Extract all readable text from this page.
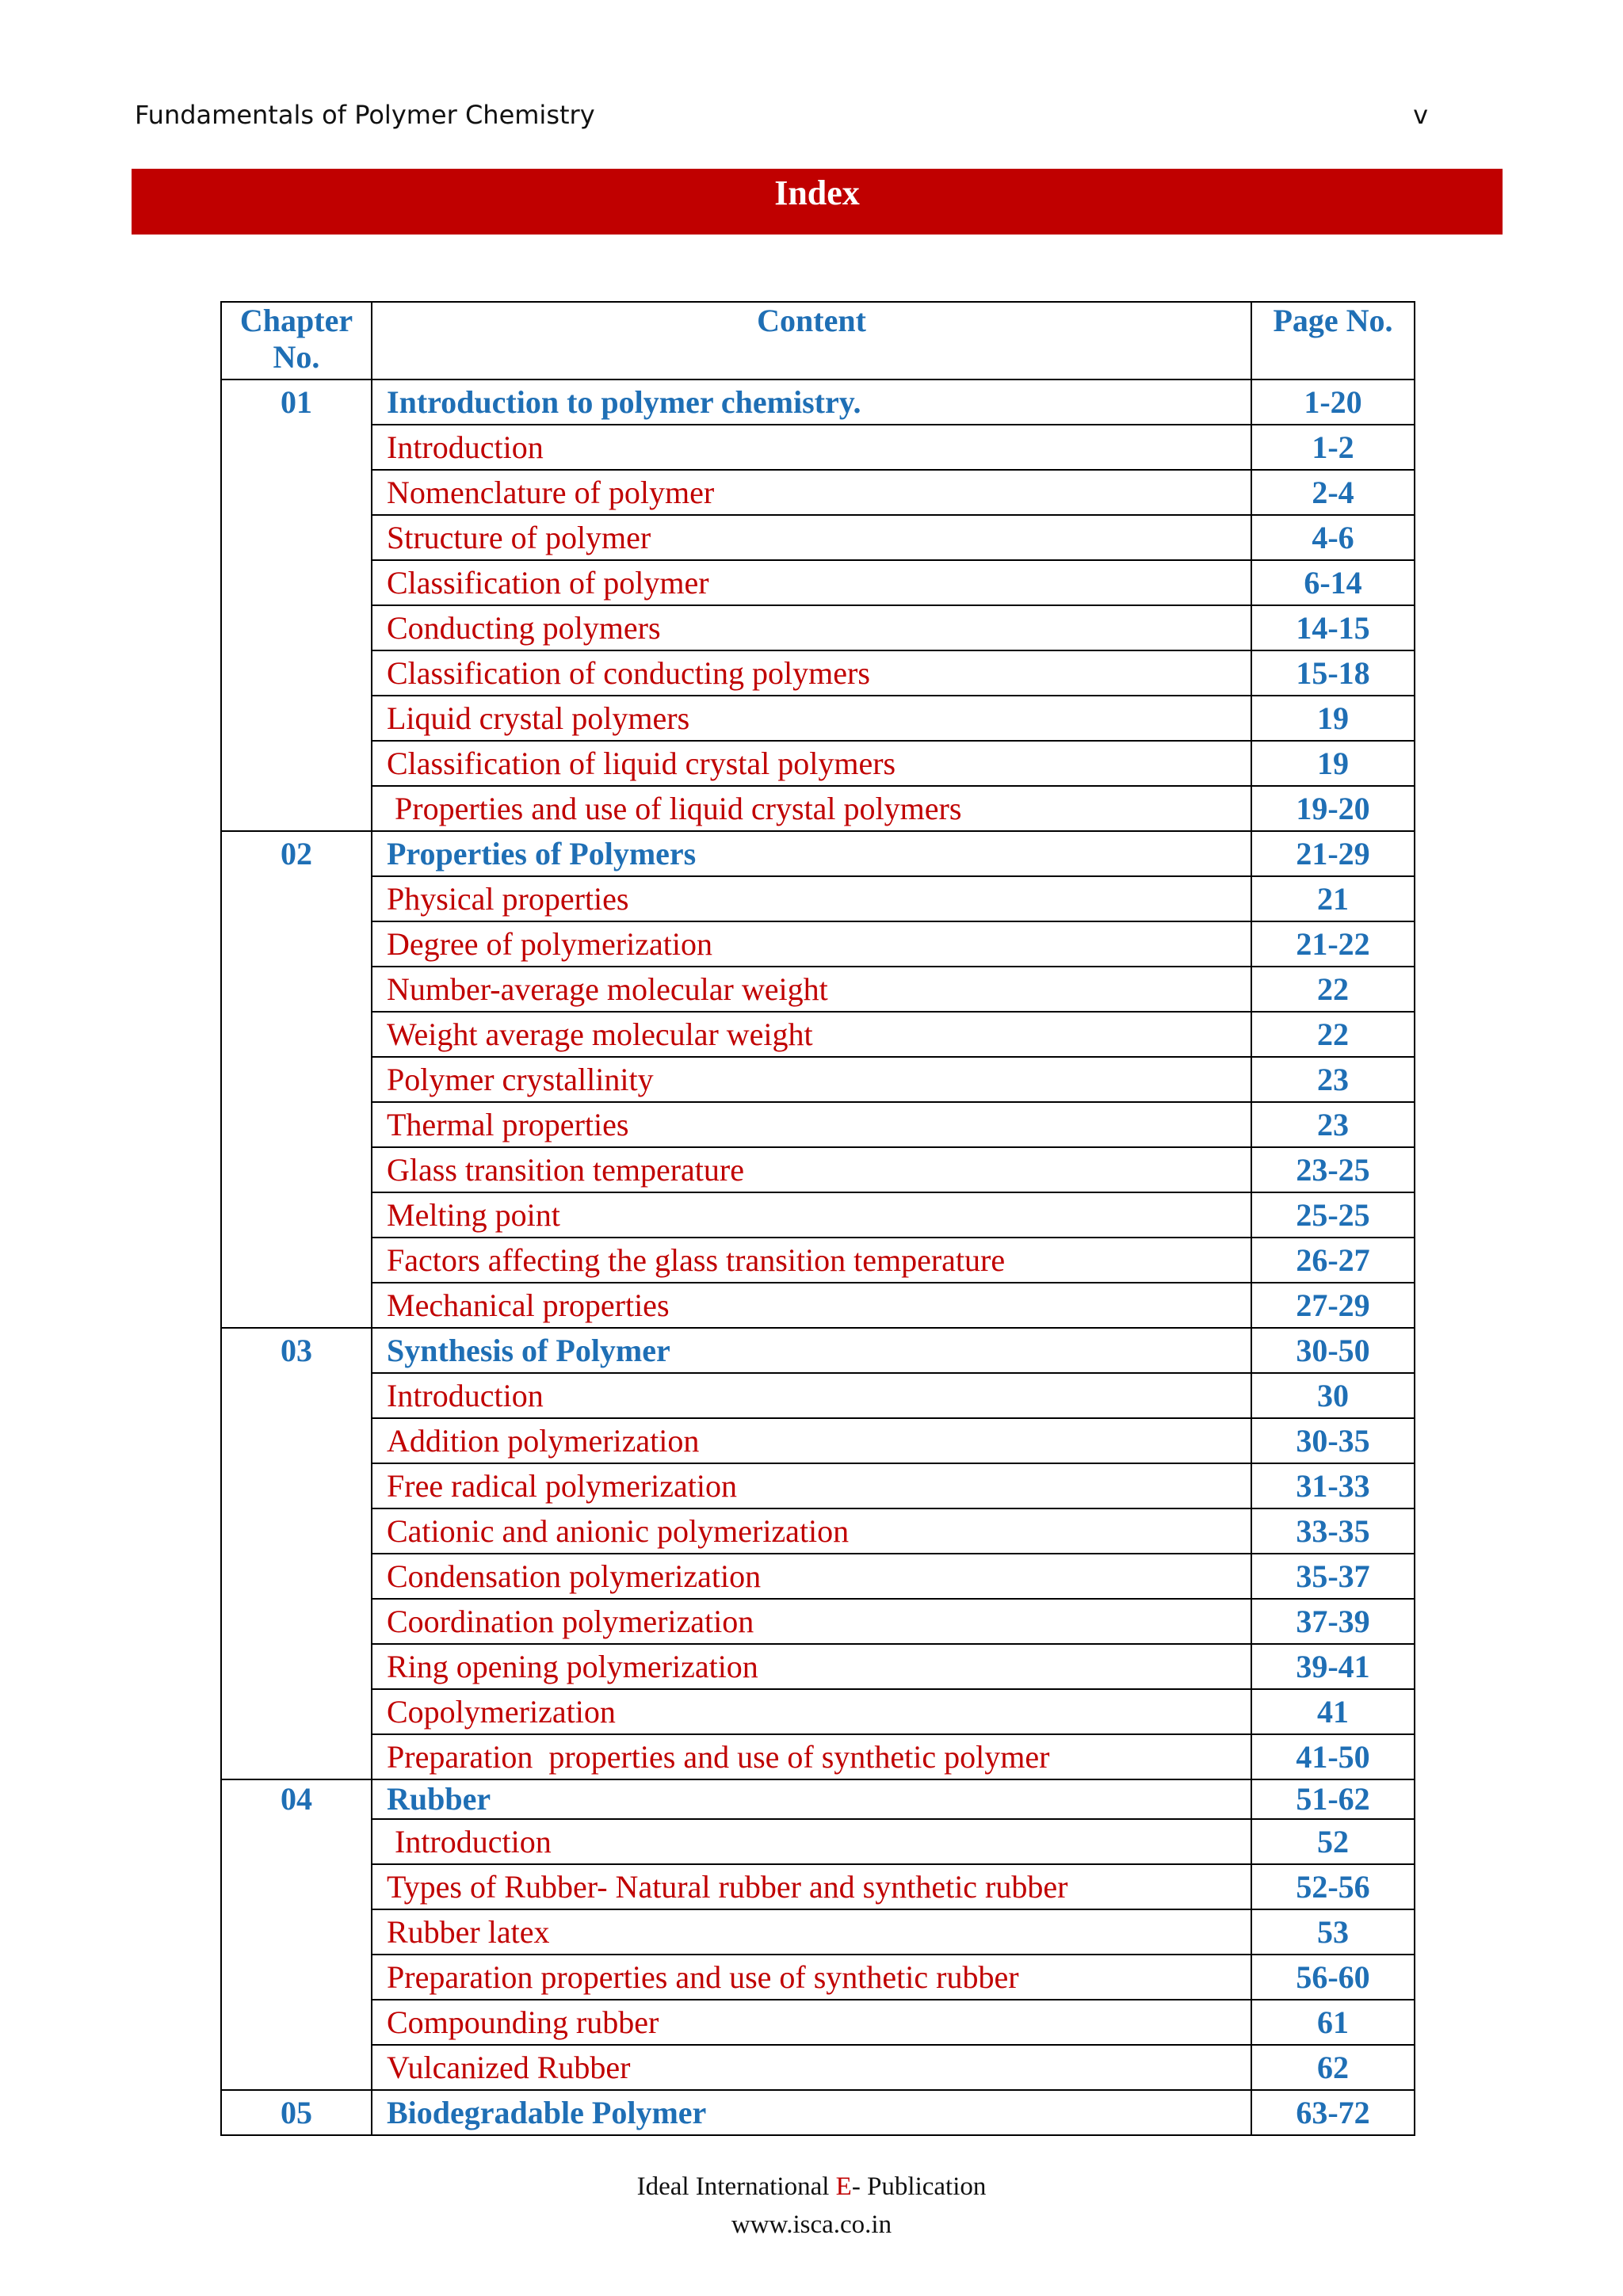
Fundamentals of Polymer Chemistry	v
Index
Chapter No.	Content	Page No.
01	Introduction to polymer chemistry.	1-20
	Introduction	1-2
	Nomenclature of polymer	2-4
	Structure of polymer	4-6
	Classification of polymer	6-14
	Conducting polymers	14-15
	Classification of conducting polymers	15-18
	Liquid crystal polymers	19
	Classification of liquid crystal polymers	19
	Properties and use of liquid crystal polymers	19-20
02	Properties of Polymers	21-29
	Physical properties	21
	Degree of polymerization	21-22
	Number-average molecular weight	22
	Weight average molecular weight	22
	Polymer crystallinity	23
	Thermal properties	23
	Glass transition temperature	23-25
	Melting point	25-25
	Factors affecting the glass transition temperature	26-27
	Mechanical properties	27-29
03	Synthesis of Polymer	30-50
	Introduction	30
	Addition polymerization	30-35
	Free radical polymerization	31-33
	Cationic and anionic polymerization	33-35
	Condensation polymerization	35-37
	Coordination polymerization	37-39
	Ring opening polymerization	39-41
	Copolymerization	41
	Preparation  properties and use of synthetic polymer	41-50
04	Rubber	51-62
	Introduction	52
	Types of Rubber- Natural rubber and synthetic rubber	52-56
	Rubber latex	53
	Preparation properties and use of synthetic rubber	56-60
	Compounding rubber	61
	Vulcanized Rubber	62
05	Biodegradable Polymer	63-72
Ideal International E- Publication
www.isca.co.in
